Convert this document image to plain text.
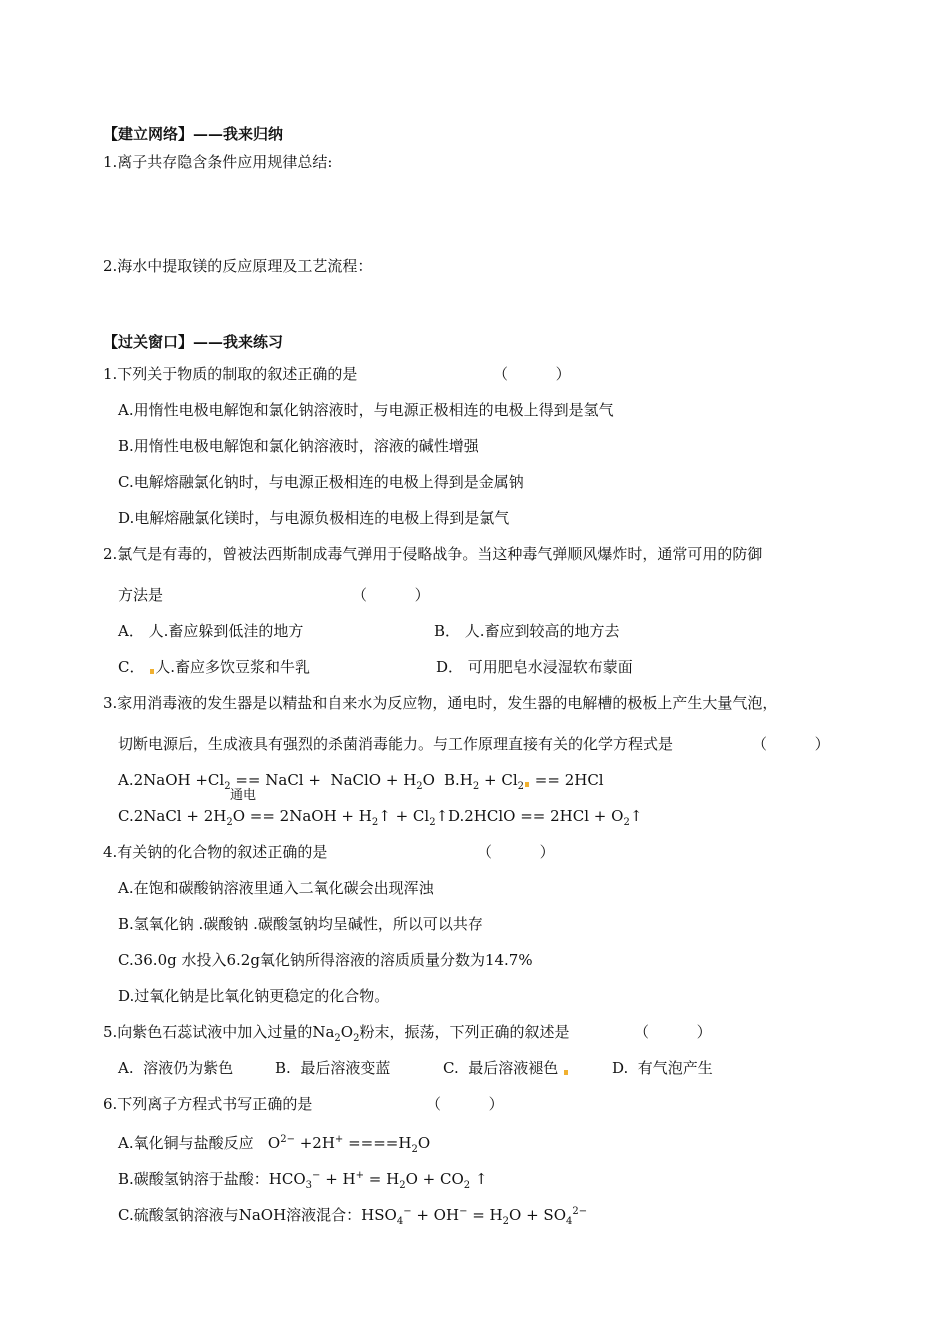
【建立网络】——我来归纳
1.离子共存隐含条件应用规律总结:
2.海水中提取镁的反应原理及工艺流程：
【过关窗口】——我来练习
1.下列关于物质的制取的叙述正确的是	（          ）
A.用惰性电极电解饱和氯化钠溶液时，与电源正极相连的电极上得到是氢气
B.用惰性电极电解饱和氯化钠溶液时，溶液的碱性增强
C.电解熔融氯化钠时，与电源正极相连的电极上得到是金属钠
D.电解熔融氯化镁时，与电源负极相连的电极上得到是氯气
2.氯气是有毒的，曾被法西斯制成毒气弹用于侵略战争。当这种毒气弹顺风爆炸时，通常可用的防御
方法是	（          ）
A． 人.畜应躲到低洼的地方	B． 人.畜应到较高的地方去
C． 人.畜应多饮豆浆和牛乳	D． 可用肥皂水浸湿软布蒙面
3.家用消毒液的发生器是以精盐和自来水为反应物，通电时，发生器的电解槽的极板上产生大量气泡，
切断电源后，生成液具有强烈的杀菌消毒能力。与工作原理直接有关的化学方程式是	（          ）
A.2NaOH $+Cl_2$ == NaCl +  NaClO + $H_2O$ $B.H_2 + Cl_2 == 2HCl$
通电
C.2NaCl + $2H_2O$ == 2NaOH + $H_2↑$ + $Cl_2↑$ D.2HClO == $2HCl + O_2↑$
4.有关钠的化合物的叙述正确的是	（          ）
A.在饱和碳酸钠溶液里通入二氧化碳会出现浑浊
B.氢氧化钠 .碳酸钠 .碳酸氢钠均呈碱性，所以可以共存
C.36.0g 水投入6.2g氧化钠所得溶液的溶质质量分数为14.7%
D.过氧化钠是比氧化钠更稳定的化合物。
5.向紫色石蕊试液中加入过量的$Na_2O_2$粉末，振荡，下列正确的叙述是	（          ）
A.  溶液仍为紫色	B.  最后溶液变蓝	C.  最后溶液褪色	D.  有气泡产生
6.下列离子方程式书写正确的是	（          ）
A.氧化铜与盐酸反应   $O^{2-} +2H^+ ====H_2O$
B.碳酸氢钠溶于盐酸：$HCO_3^- + H^+ = H_2O + CO_2$ ↑
C.硫酸氢钠溶液与NaOH溶液混合：$HSO_4^- + OH^- = H_2O + SO_4^{2-}$
